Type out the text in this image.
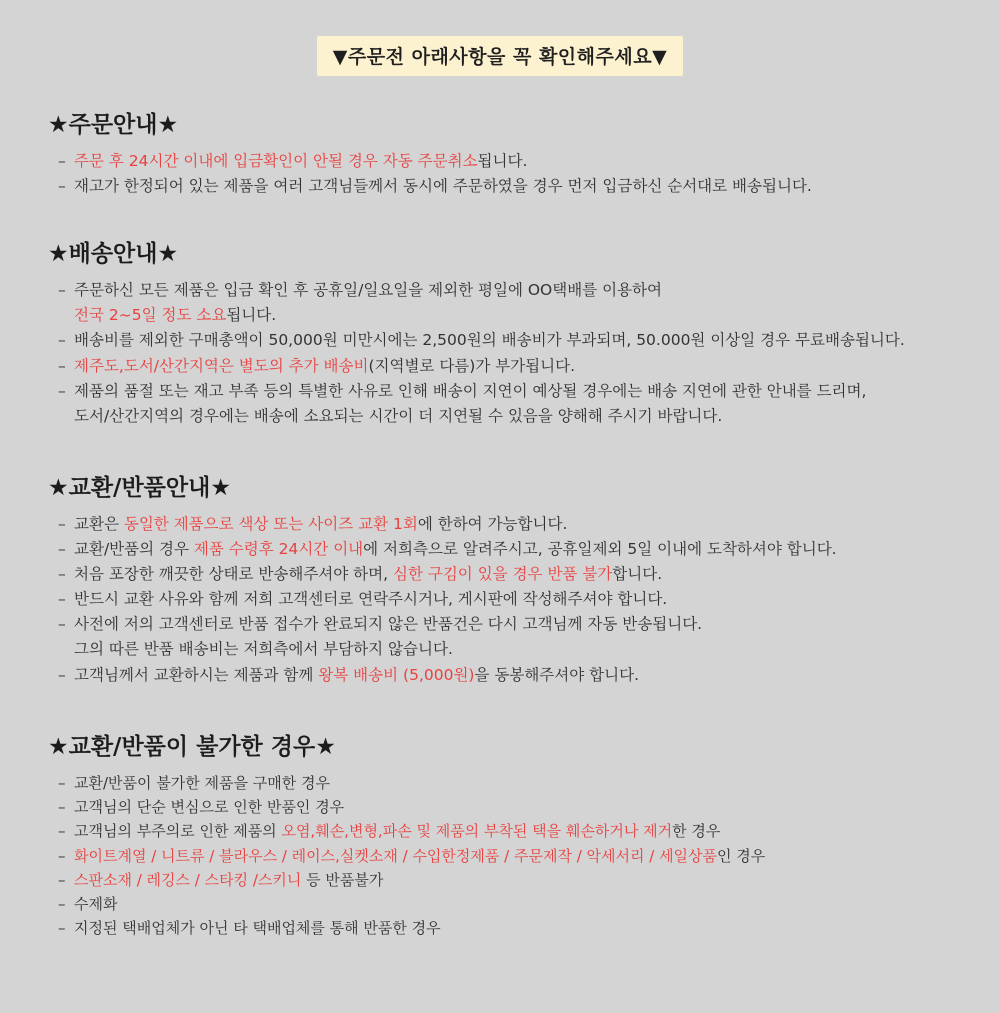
▼주문전 아래사항을 꼭 확인해주세요▼
★주문안내★
– 주문 후 24시간 이내에 입금확인이 안될 경우 자동 주문취소됩니다.
– 재고가 한정되어 있는 제품을 여러 고객님들께서 동시에 주문하였을 경우 먼저 입금하신 순서대로 배송됩니다.
★배송안내★
– 주문하신 모든 제품은 입금 확인 후 공휴일/일요일을 제외한 평일에 OO택배를 이용하여
전국 2~5일 정도 소요됩니다.
– 배송비를 제외한 구매총액이 50,000원 미만시에는 2,500원의 배송비가 부과되며, 50.000원 이상일 경우 무료배송됩니다.
– 제주도,도서/산간지역은 별도의 추가 배송비(지역별로 다름)가 부가됩니다.
– 제품의 품절 또는 재고 부족 등의 특별한 사유로 인해 배송이 지연이 예상될 경우에는 배송 지연에 관한 안내를 드리며,
도서/산간지역의 경우에는 배송에 소요되는 시간이 더 지연될 수 있음을 양해해 주시기 바랍니다.
★교환/반품안내★
– 교환은 동일한 제품으로 색상 또는 사이즈 교환 1회에 한하여 가능합니다.
– 교환/반품의 경우 제품 수령후 24시간 이내에 저희측으로 알려주시고, 공휴일제외 5일 이내에 도착하셔야 합니다.
– 처음 포장한 깨끗한 상태로 반송해주셔야 하며, 심한 구김이 있을 경우 반품 불가합니다.
– 반드시 교환 사유와 함께 저희 고객센터로 연락주시거나, 게시판에 작성해주셔야 합니다.
– 사전에 저의 고객센터로 반품 접수가 완료되지 않은 반품건은 다시 고객님께 자동 반송됩니다.
그의 따른 반품 배송비는 저희측에서 부담하지 않습니다.
– 고객님께서 교환하시는 제품과 함께 왕복 배송비 (5,000원)을 동봉해주셔야 합니다.
★교환/반품이 불가한 경우★
– 교환/반품이 불가한 제품을 구매한 경우
– 고객님의 단순 변심으로 인한 반품인 경우
– 고객님의 부주의로 인한 제품의 오염,훼손,변형,파손 및 제품의 부착된 택을 훼손하거나 제거한 경우
– 화이트계열 / 니트류 / 블라우스 / 레이스,실켓소재 / 수입한정제품 / 주문제작 / 악세서리 / 세일상품인 경우
– 스판소재 / 레깅스 / 스타킹 /스키니 등 반품불가
– 수제화
– 지정된 택배업체가 아닌 타 택배업체를 통해 반품한 경우
